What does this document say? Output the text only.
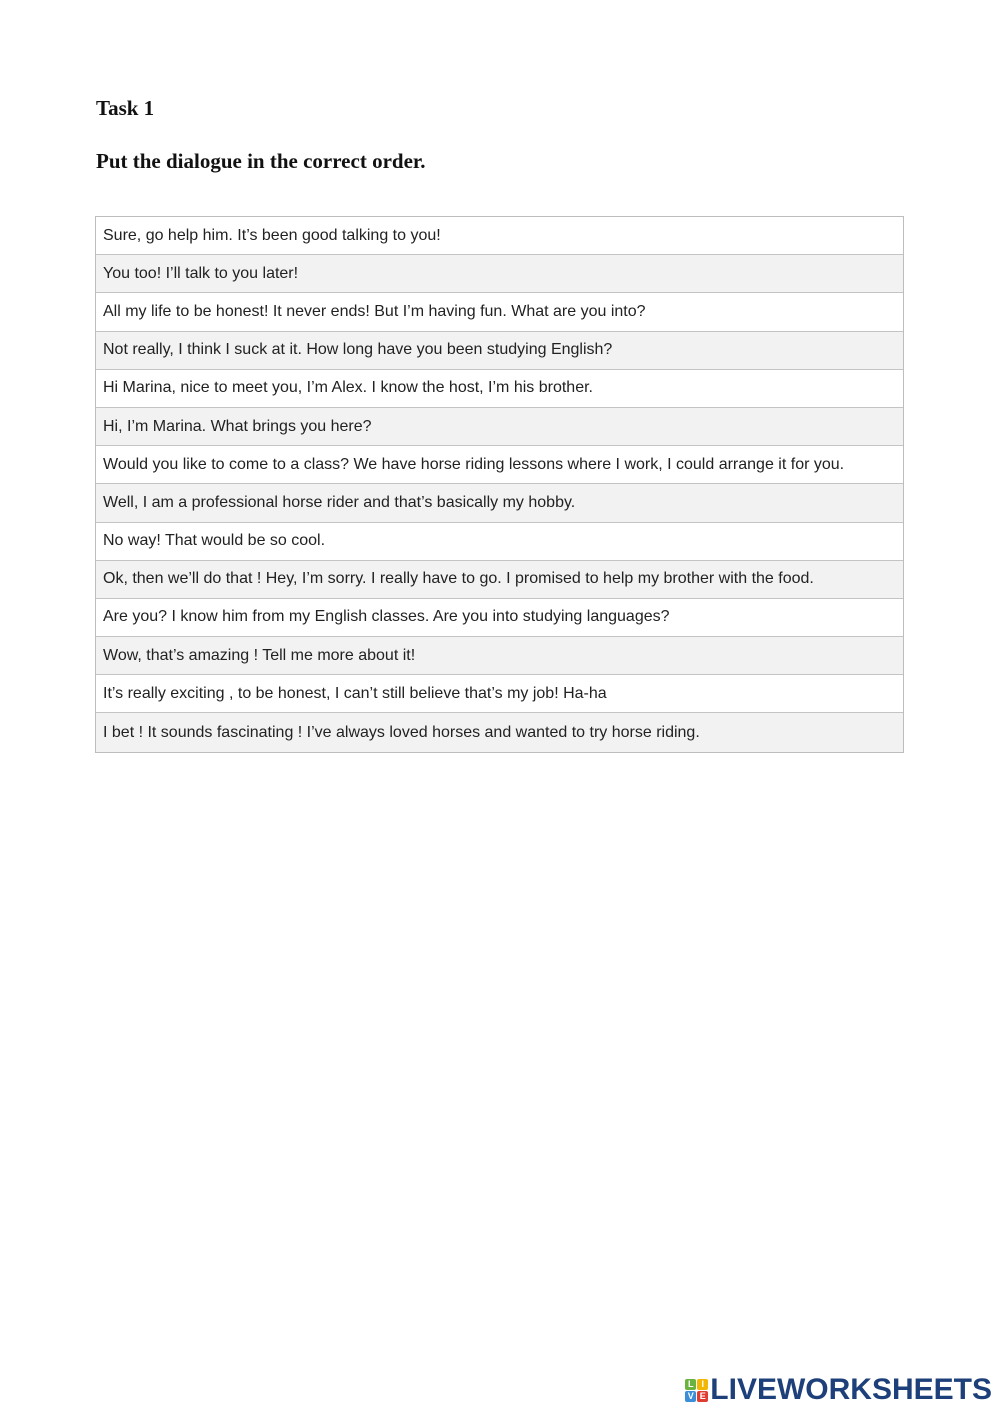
Task 1
Put the dialogue in the correct order.
Sure, go help him. It’s been good talking to you!
You too! I’ll talk to you later!
All my life to be honest! It never ends! But I’m having fun. What are you into?
Not really, I think I suck at it. How long have you been studying English?
Hi Marina, nice to meet you, I’m Alex. I know the host, I’m his brother.
Hi, I’m Marina. What brings you here?
Would you like to come to a class? We have horse riding lessons where I work, I could arrange it for you.
Well, I am a professional horse rider and that’s basically my hobby.
No way! That would be so cool.
Ok, then we’ll do that ! Hey, I’m sorry. I really have to go. I promised to help my brother with the food.
Are you? I know him from my English classes. Are you into studying languages?
Wow, that’s amazing ! Tell me more about it!
It’s really exciting , to be honest, I can’t still believe that’s my job! Ha-ha
I bet ! It sounds fascinating ! I’ve always loved horses and wanted to try horse riding.
L I
V E LIVEWORKSHEETS
